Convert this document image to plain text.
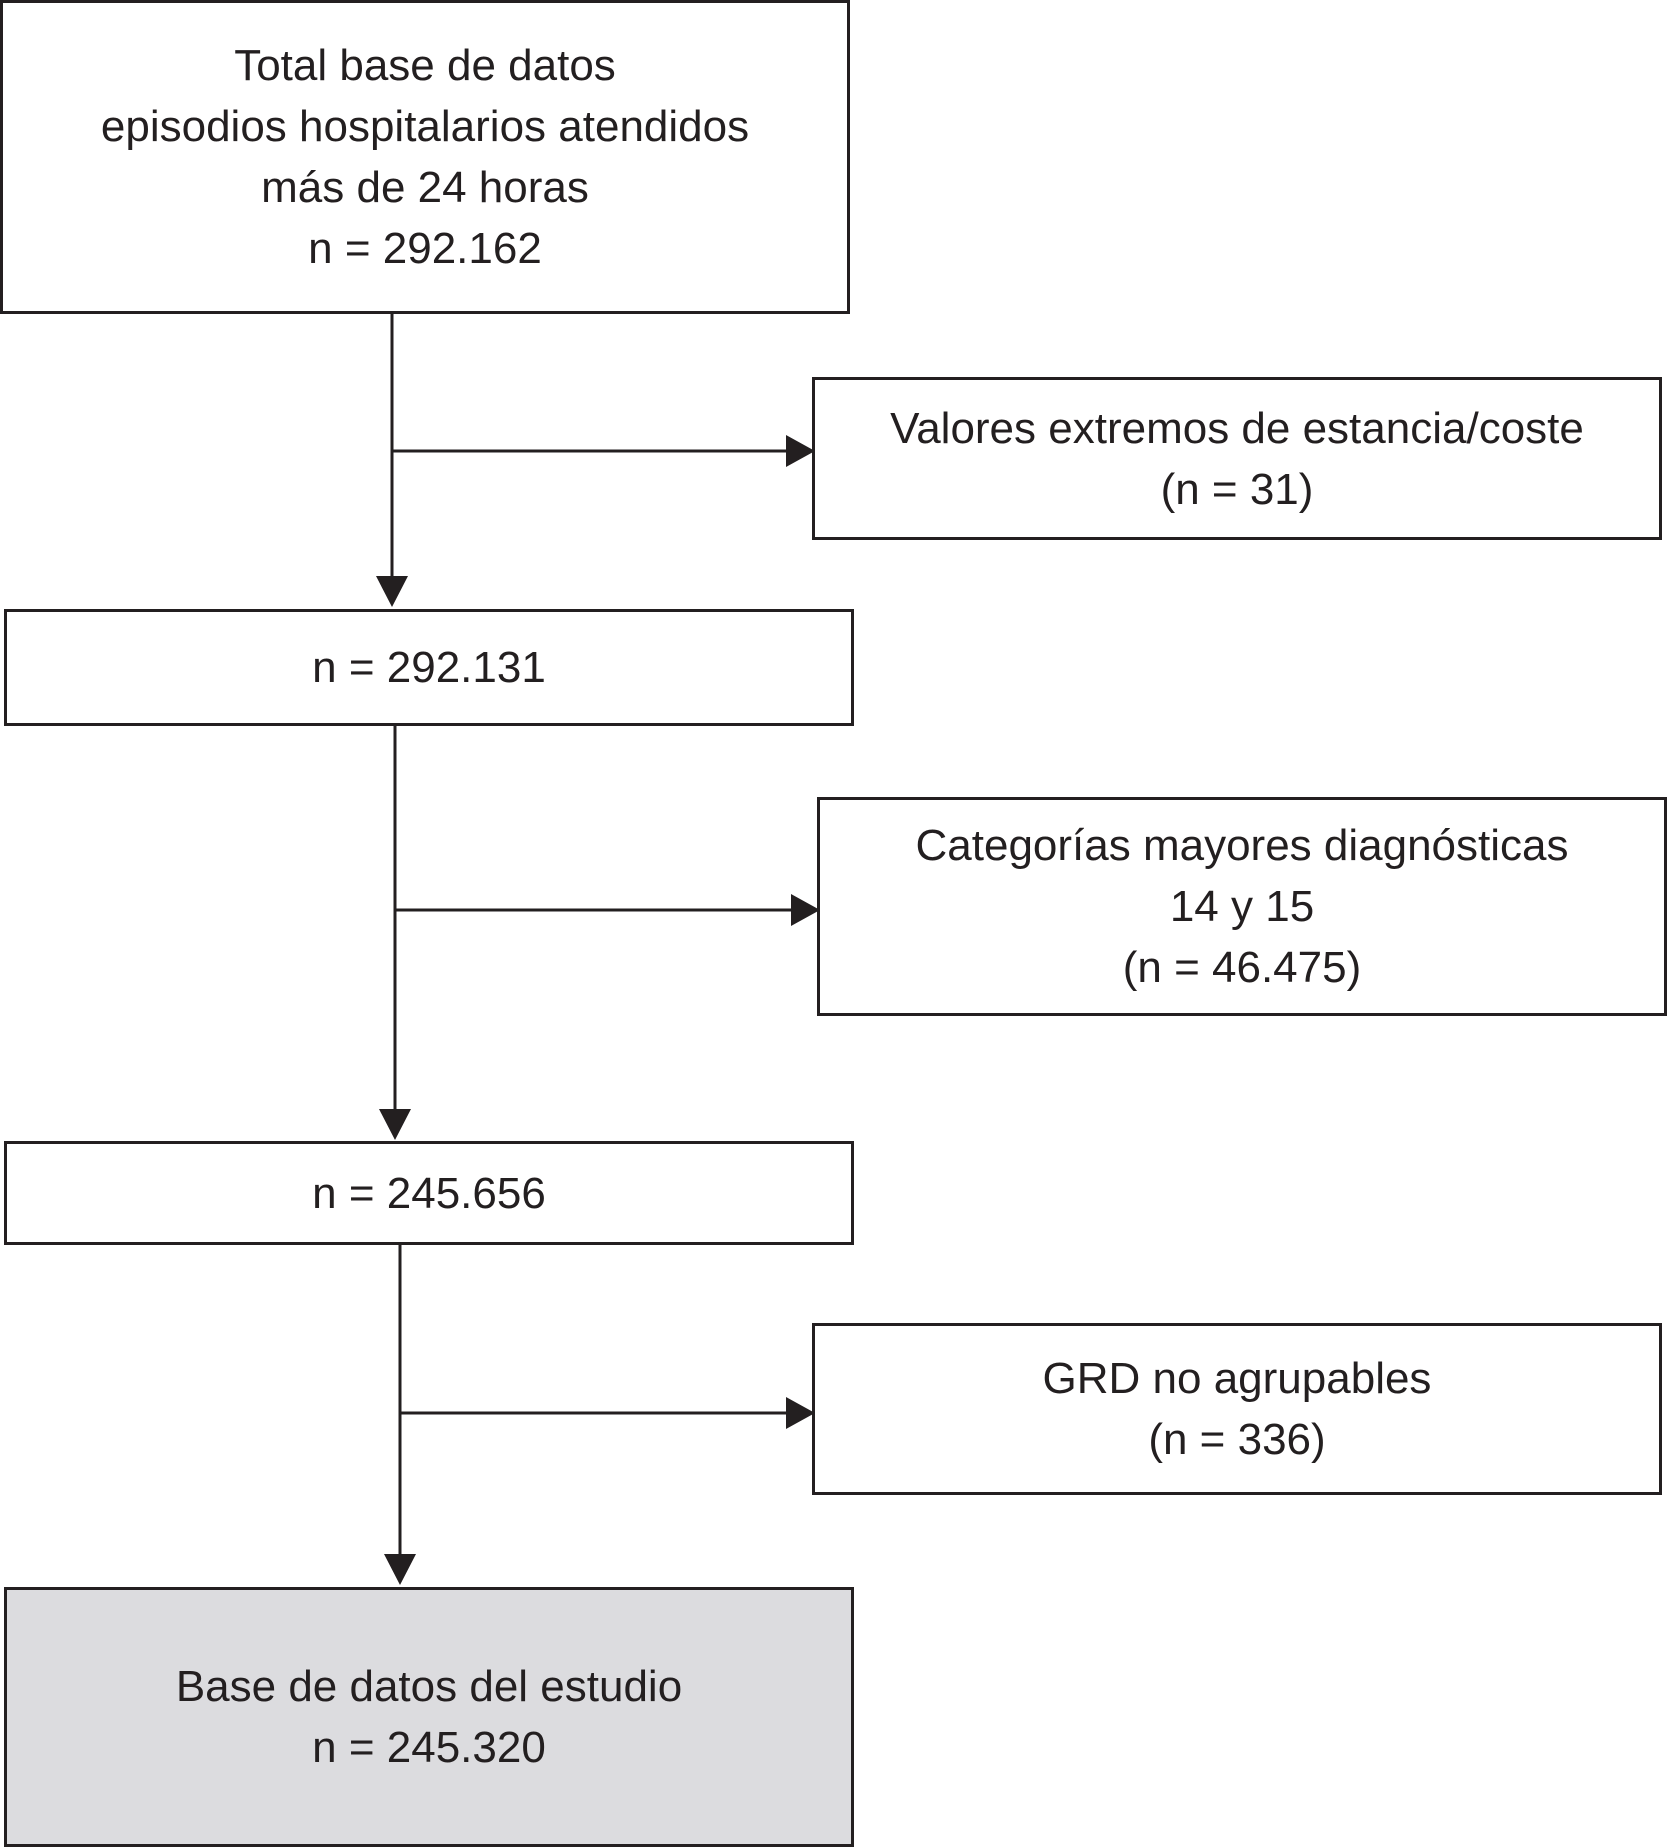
Total base de datos
episodios hospitalarios atendidos
más de 24 horas
n = 292.162
Valores extremos de estancia/coste
(n = 31)
n = 292.131
Categorías mayores diagnósticas
14 y 15
(n = 46.475)
n = 245.656
GRD no agrupables
(n = 336)
Base de datos del estudio
n = 245.320
